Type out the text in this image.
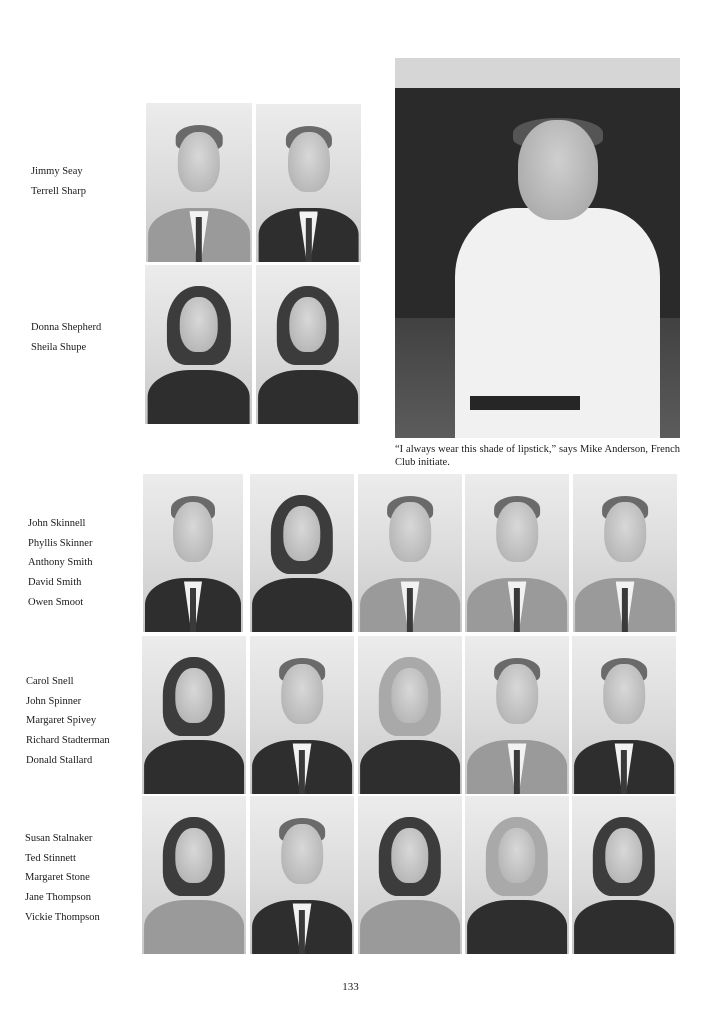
Jimmy Seay
Terrell Sharp
Donna Shepherd
Sheila Shupe
John Skinnell
Phyllis Skinner
Anthony Smith
David Smith
Owen Smoot
Carol Snell
John Spinner
Margaret Spivey
Richard Stadterman
Donald Stallard
Susan Stalnaker
Ted Stinnett
Margaret Stone
Jane Thompson
Vickie Thompson
“I always wear this shade of lipstick,” says Mike Anderson, French Club initiate.
133
